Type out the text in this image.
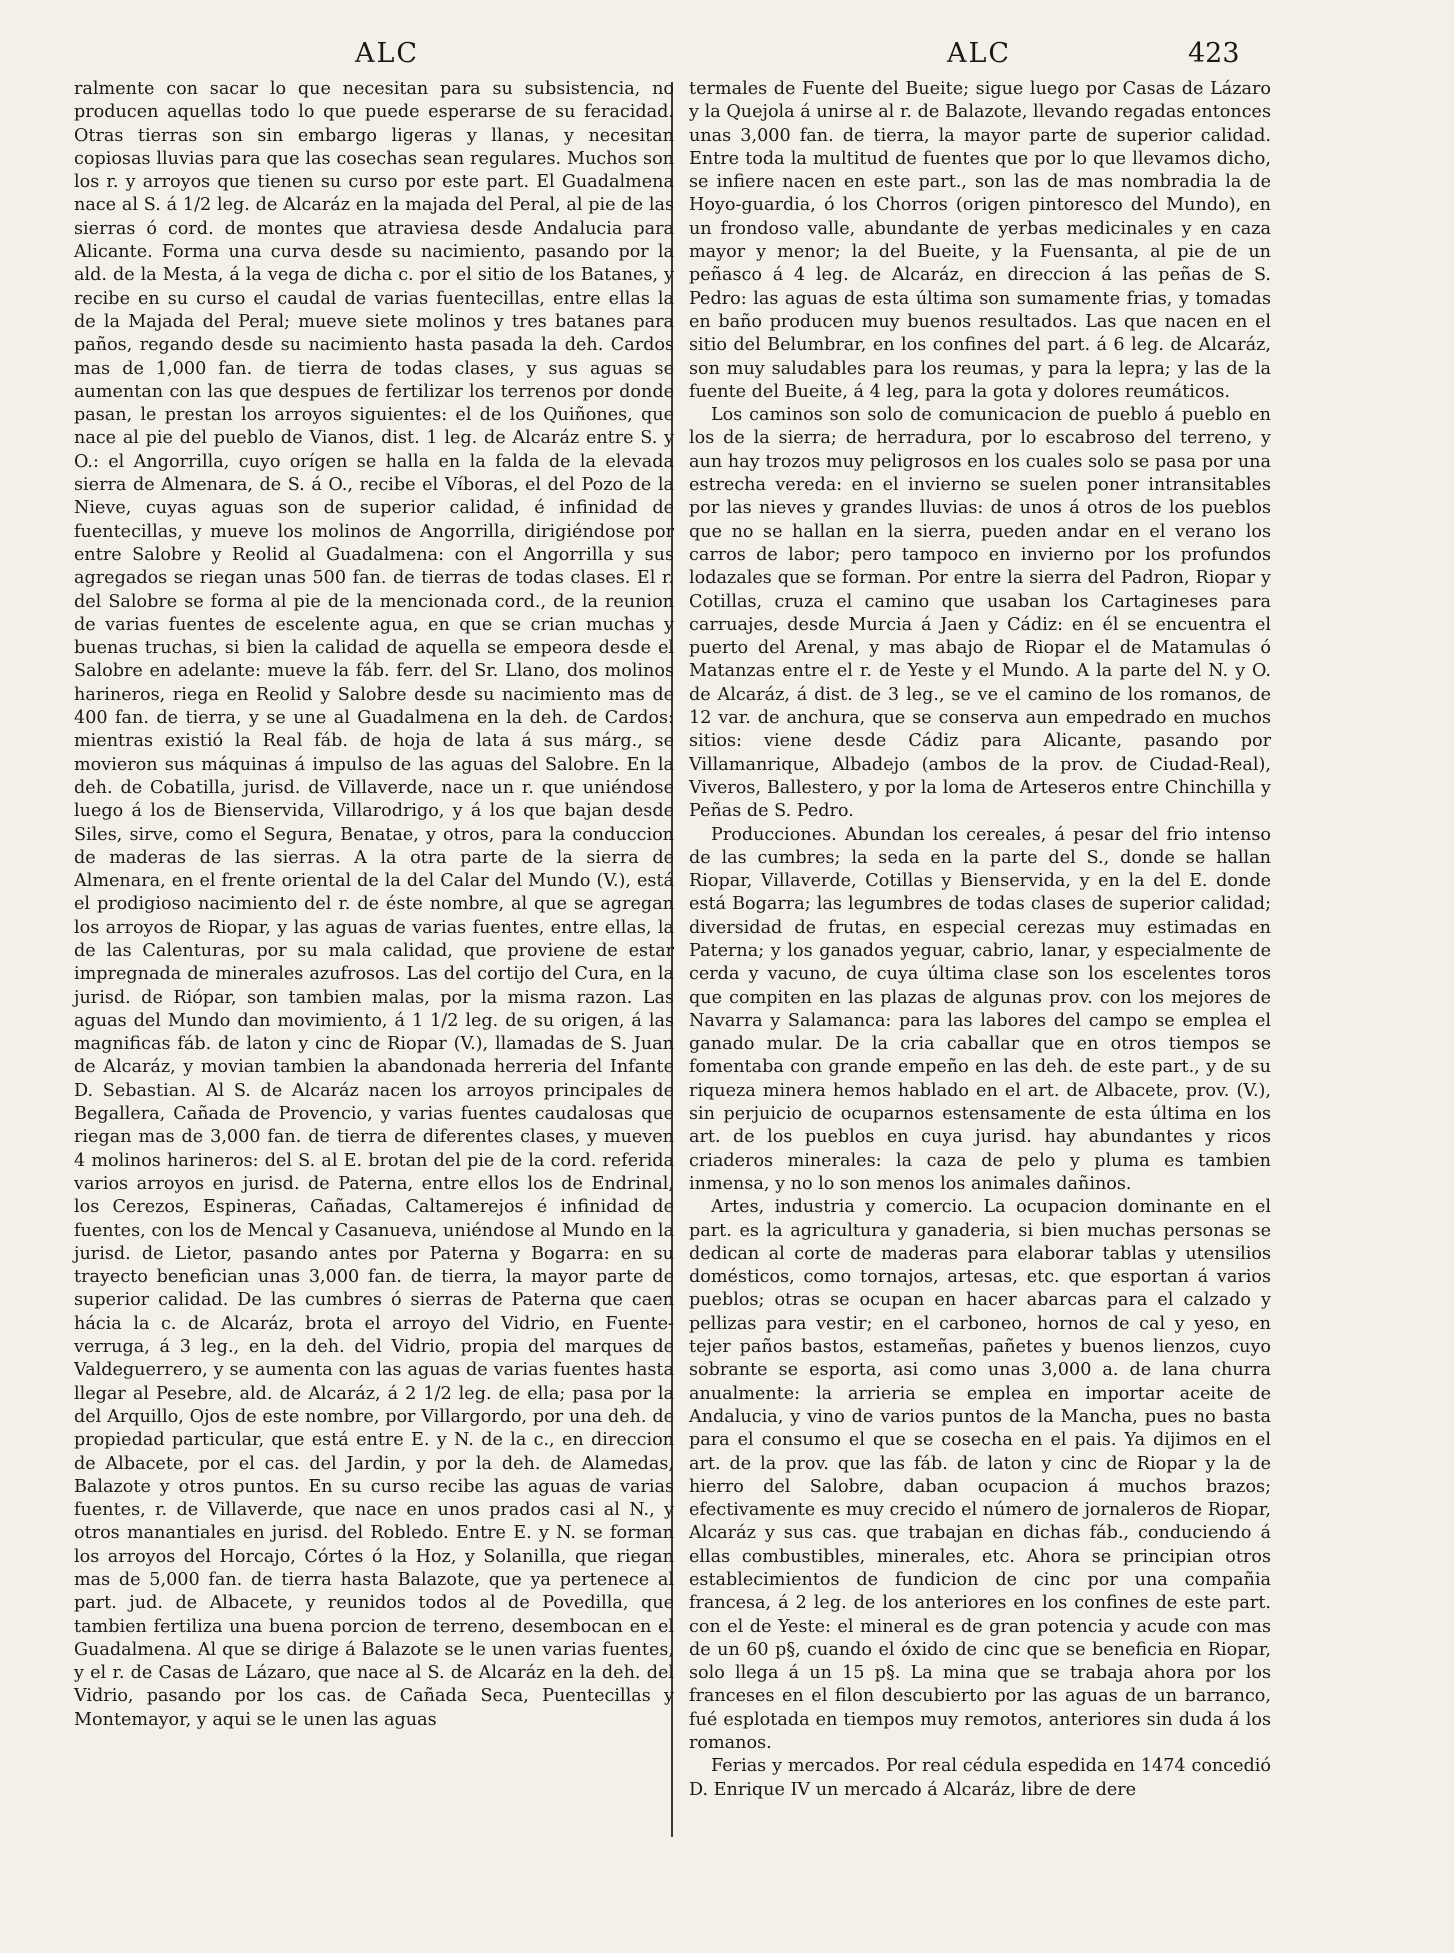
ALC	ALC	423

ralmente con sacar lo que necesitan para su subsistencia, no producen aquellas todo lo que puede esperarse de su feracidad. Otras tierras son sin embargo ligeras y llanas, y necesitan copiosas lluvias para que las cosechas sean regulares. Muchos son los r. y arroyos que tienen su curso por este part. El Guadalmena nace al S. á 1/2 leg. de Alcaráz en la majada del Peral, al pie de las sierras ó cord. de montes que atraviesa desde Andalucia para Alicante. Forma una curva desde su nacimiento, pasando por la ald. de la Mesta, á la vega de dicha c. por el sitio de los Batanes, y recibe en su curso el caudal de varias fuentecillas, entre ellas la de la Majada del Peral; mueve siete molinos y tres batanes para paños, regando desde su nacimiento hasta pasada la deh. Cardos mas de 1,000 fan. de tierra de todas clases, y sus aguas se aumentan con las que despues de fertilizar los terrenos por donde pasan, le prestan los arroyos siguientes: el de los Quiñones, que nace al pie del pueblo de Vianos, dist. 1 leg. de Alcaráz entre S. y O.: el Angorrilla, cuyo orígen se halla en la falda de la elevada sierra de Almenara, de S. á O., recibe el Víboras, el del Pozo de la Nieve, cuyas aguas son de superior calidad, é infinidad de fuentecillas, y mueve los molinos de Angorrilla, dirigiéndose por entre Salobre y Reolid al Guadalmena: con el Angorrilla y sus agregados se riegan unas 500 fan. de tierras de todas clases. El r. del Salobre se forma al pie de la mencionada cord., de la reunion de varias fuentes de escelente agua, en que se crian muchas y buenas truchas, si bien la calidad de aquella se empeora desde el Salobre en adelante: mueve la fáb. ferr. del Sr. Llano, dos molinos harineros, riega en Reolid y Salobre desde su nacimiento mas de 400 fan. de tierra, y se une al Guadalmena en la deh. de Cardos: mientras existió la Real fáb. de hoja de lata á sus márg., se movieron sus máquinas á impulso de las aguas del Salobre. En la deh. de Cobatilla, jurisd. de Villaverde, nace un r. que uniéndose luego á los de Bienservida, Villarodrigo, y á los que bajan desde Siles, sirve, como el Segura, Benatae, y otros, para la conduccion de maderas de las sierras. A la otra parte de la sierra de Almenara, en el frente oriental de la del Calar del Mundo (V.), está el prodigioso nacimiento del r. de éste nombre, al que se agregan los arroyos de Riopar, y las aguas de varias fuentes, entre ellas, la de las Calenturas, por su mala calidad, que proviene de estar impregnada de minerales azufrosos. Las del cortijo del Cura, en la jurisd. de Riópar, son tambien malas, por la misma razon. Las aguas del Mundo dan movimiento, á 1 1/2 leg. de su origen, á las magnificas fáb. de laton y cinc de Riopar (V.), llamadas de S. Juan de Alcaráz, y movian tambien la abandonada herreria del Infante D. Sebastian. Al S. de Alcaráz nacen los arroyos principales de Begallera, Cañada de Provencio, y varias fuentes caudalosas que riegan mas de 3,000 fan. de tierra de diferentes clases, y mueven 4 molinos harineros: del S. al E. brotan del pie de la cord. referida varios arroyos en jurisd. de Paterna, entre ellos los de Endrinal, los Cerezos, Espineras, Cañadas, Caltamerejos é infinidad de fuentes, con los de Mencal y Casanueva, uniéndose al Mundo en la jurisd. de Lietor, pasando antes por Paterna y Bogarra: en su trayecto benefician unas 3,000 fan. de tierra, la mayor parte de superior calidad. De las cumbres ó sierras de Paterna que caen hácia la c. de Alcaráz, brota el arroyo del Vidrio, en Fuente-verruga, á 3 leg., en la deh. del Vidrio, propia del marques de Valdeguerrero, y se aumenta con las aguas de varias fuentes hasta llegar al Pesebre, ald. de Alcaráz, á 2 1/2 leg. de ella; pasa por la del Arquillo, Ojos de este nombre, por Villargordo, por una deh. de propiedad particular, que está entre E. y N. de la c., en direccion de Albacete, por el cas. del Jardin, y por la deh. de Alamedas, Balazote y otros puntos. En su curso recibe las aguas de varias fuentes, r. de Villaverde, que nace en unos prados casi al N., y otros manantiales en jurisd. del Robledo. Entre E. y N. se forman los arroyos del Horcajo, Córtes ó la Hoz, y Solanilla, que riegan mas de 5,000 fan. de tierra hasta Balazote, que ya pertenece al part. jud. de Albacete, y reunidos todos al de Povedilla, que tambien fertiliza una buena porcion de terreno, desembocan en el Guadalmena. Al que se dirige á Balazote se le unen varias fuentes, y el r. de Casas de Lázaro, que nace al S. de Alcaráz en la deh. del Vidrio, pasando por los cas. de Cañada Seca, Puentecillas y Montemayor, y aqui se le unen las aguas

termales de Fuente del Bueite; sigue luego por Casas de Lázaro y la Quejola á unirse al r. de Balazote, llevando regadas entonces unas 3,000 fan. de tierra, la mayor parte de superior calidad. Entre toda la multitud de fuentes que por lo que llevamos dicho, se infiere nacen en este part., son las de mas nombradia la de Hoyo-guardia, ó los Chorros (origen pintoresco del Mundo), en un frondoso valle, abundante de yerbas medicinales y en caza mayor y menor; la del Bueite, y la Fuensanta, al pie de un peñasco á 4 leg. de Alcaráz, en direccion á las peñas de S. Pedro: las aguas de esta última son sumamente frias, y tomadas en baño producen muy buenos resultados. Las que nacen en el sitio del Belumbrar, en los confines del part. á 6 leg. de Alcaráz, son muy saludables para los reumas, y para la lepra; y las de la fuente del Bueite, á 4 leg, para la gota y dolores reumáticos.

Los caminos son solo de comunicacion de pueblo á pueblo en los de la sierra; de herradura, por lo escabroso del terreno, y aun hay trozos muy peligrosos en los cuales solo se pasa por una estrecha vereda: en el invierno se suelen poner intransitables por las nieves y grandes lluvias: de unos á otros de los pueblos que no se hallan en la sierra, pueden andar en el verano los carros de labor; pero tampoco en invierno por los profundos lodazales que se forman. Por entre la sierra del Padron, Riopar y Cotillas, cruza el camino que usaban los Cartagineses para carruajes, desde Murcia á Jaen y Cádiz: en él se encuentra el puerto del Arenal, y mas abajo de Riopar el de Matamulas ó Matanzas entre el r. de Yeste y el Mundo. A la parte del N. y O. de Alcaráz, á dist. de 3 leg., se ve el camino de los romanos, de 12 var. de anchura, que se conserva aun empedrado en muchos sitios: viene desde Cádiz para Alicante, pasando por Villamanrique, Albadejo (ambos de la prov. de Ciudad-Real), Viveros, Ballestero, y por la loma de Arteseros entre Chinchilla y Peñas de S. Pedro.

Producciones. Abundan los cereales, á pesar del frio intenso de las cumbres; la seda en la parte del S., donde se hallan Riopar, Villaverde, Cotillas y Bienservida, y en la del E. donde está Bogarra; las legumbres de todas clases de superior calidad; diversidad de frutas, en especial cerezas muy estimadas en Paterna; y los ganados yeguar, cabrio, lanar, y especialmente de cerda y vacuno, de cuya última clase son los escelentes toros que compiten en las plazas de algunas prov. con los mejores de Navarra y Salamanca: para las labores del campo se emplea el ganado mular. De la cria caballar que en otros tiempos se fomentaba con grande empeño en las deh. de este part., y de su riqueza minera hemos hablado en el art. de Albacete, prov. (V.), sin perjuicio de ocuparnos estensamente de esta última en los art. de los pueblos en cuya jurisd. hay abundantes y ricos criaderos minerales: la caza de pelo y pluma es tambien inmensa, y no lo son menos los animales dañinos.

Artes, industria y comercio. La ocupacion dominante en el part. es la agricultura y ganaderia, si bien muchas personas se dedican al corte de maderas para elaborar tablas y utensilios domésticos, como tornajos, artesas, etc. que esportan á varios pueblos; otras se ocupan en hacer abarcas para el calzado y pellizas para vestir; en el carboneo, hornos de cal y yeso, en tejer paños bastos, estameñas, pañetes y buenos lienzos, cuyo sobrante se esporta, asi como unas 3,000 a. de lana churra anualmente: la arrieria se emplea en importar aceite de Andalucia, y vino de varios puntos de la Mancha, pues no basta para el consumo el que se cosecha en el pais. Ya dijimos en el art. de la prov. que las fáb. de laton y cinc de Riopar y la de hierro del Salobre, daban ocupacion á muchos brazos; efectivamente es muy crecido el número de jornaleros de Riopar, Alcaráz y sus cas. que trabajan en dichas fáb., conduciendo á ellas combustibles, minerales, etc. Ahora se principian otros establecimientos de fundicion de cinc por una compañia francesa, á 2 leg. de los anteriores en los confines de este part. con el de Yeste: el mineral es de gran potencia y acude con mas de un 60 p§, cuando el óxido de cinc que se beneficia en Riopar, solo llega á un 15 p§. La mina que se trabaja ahora por los franceses en el filon descubierto por las aguas de un barranco, fué esplotada en tiempos muy remotos, anteriores sin duda á los romanos.

Ferias y mercados. Por real cédula espedida en 1474 concedió D. Enrique IV un mercado á Alcaráz, libre de dere
